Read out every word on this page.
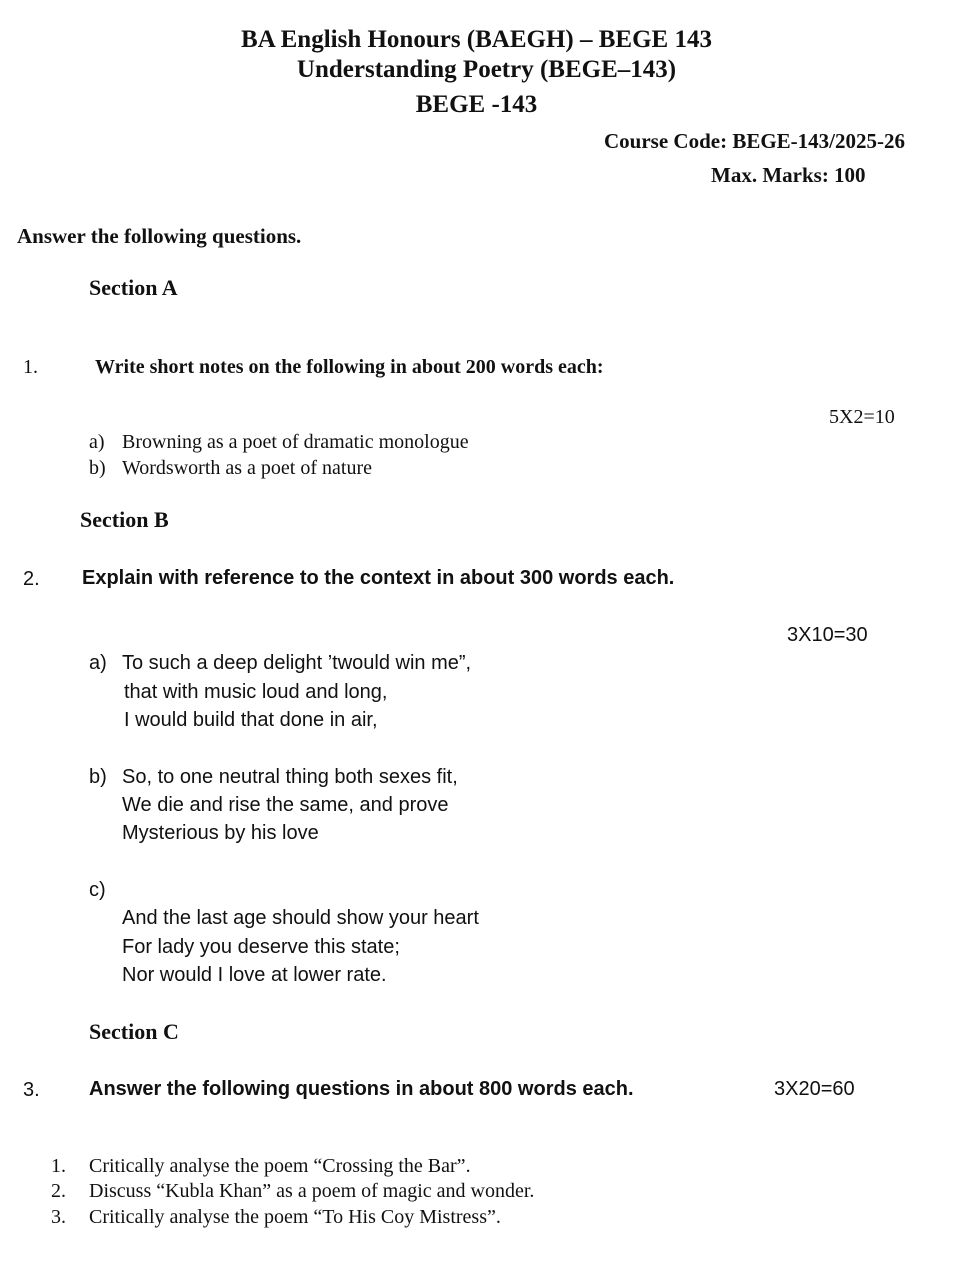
BA English Honours (BAEGH) – BEGE 143
Understanding Poetry (BEGE–143)
BEGE -143
Course Code: BEGE-143/2025-26
Max. Marks: 100
Answer the following questions.
Section A
1.	Write short notes on the following in about 200 words each:
5X2=10
a) Browning as a poet of dramatic monologue
b) Wordsworth as a poet of nature
Section B
2. Explain with reference to the context in about 300 words each.
3X10=30
a) To such a deep delight ’twould win me”,
that with music loud and long,
I would build that done in air,
b) So, to one neutral thing both sexes fit,
We die and rise the same, and prove
Mysterious by his love
c)
And the last age should show your heart
For lady you deserve this state;
Nor would I love at lower rate.
Section C
3. Answer the following questions in about 800 words each.	3X20=60
1. Critically analyse the poem “Crossing the Bar”.
2. Discuss “Kubla Khan” as a poem of magic and wonder.
3. Critically analyse the poem “To His Coy Mistress”.
